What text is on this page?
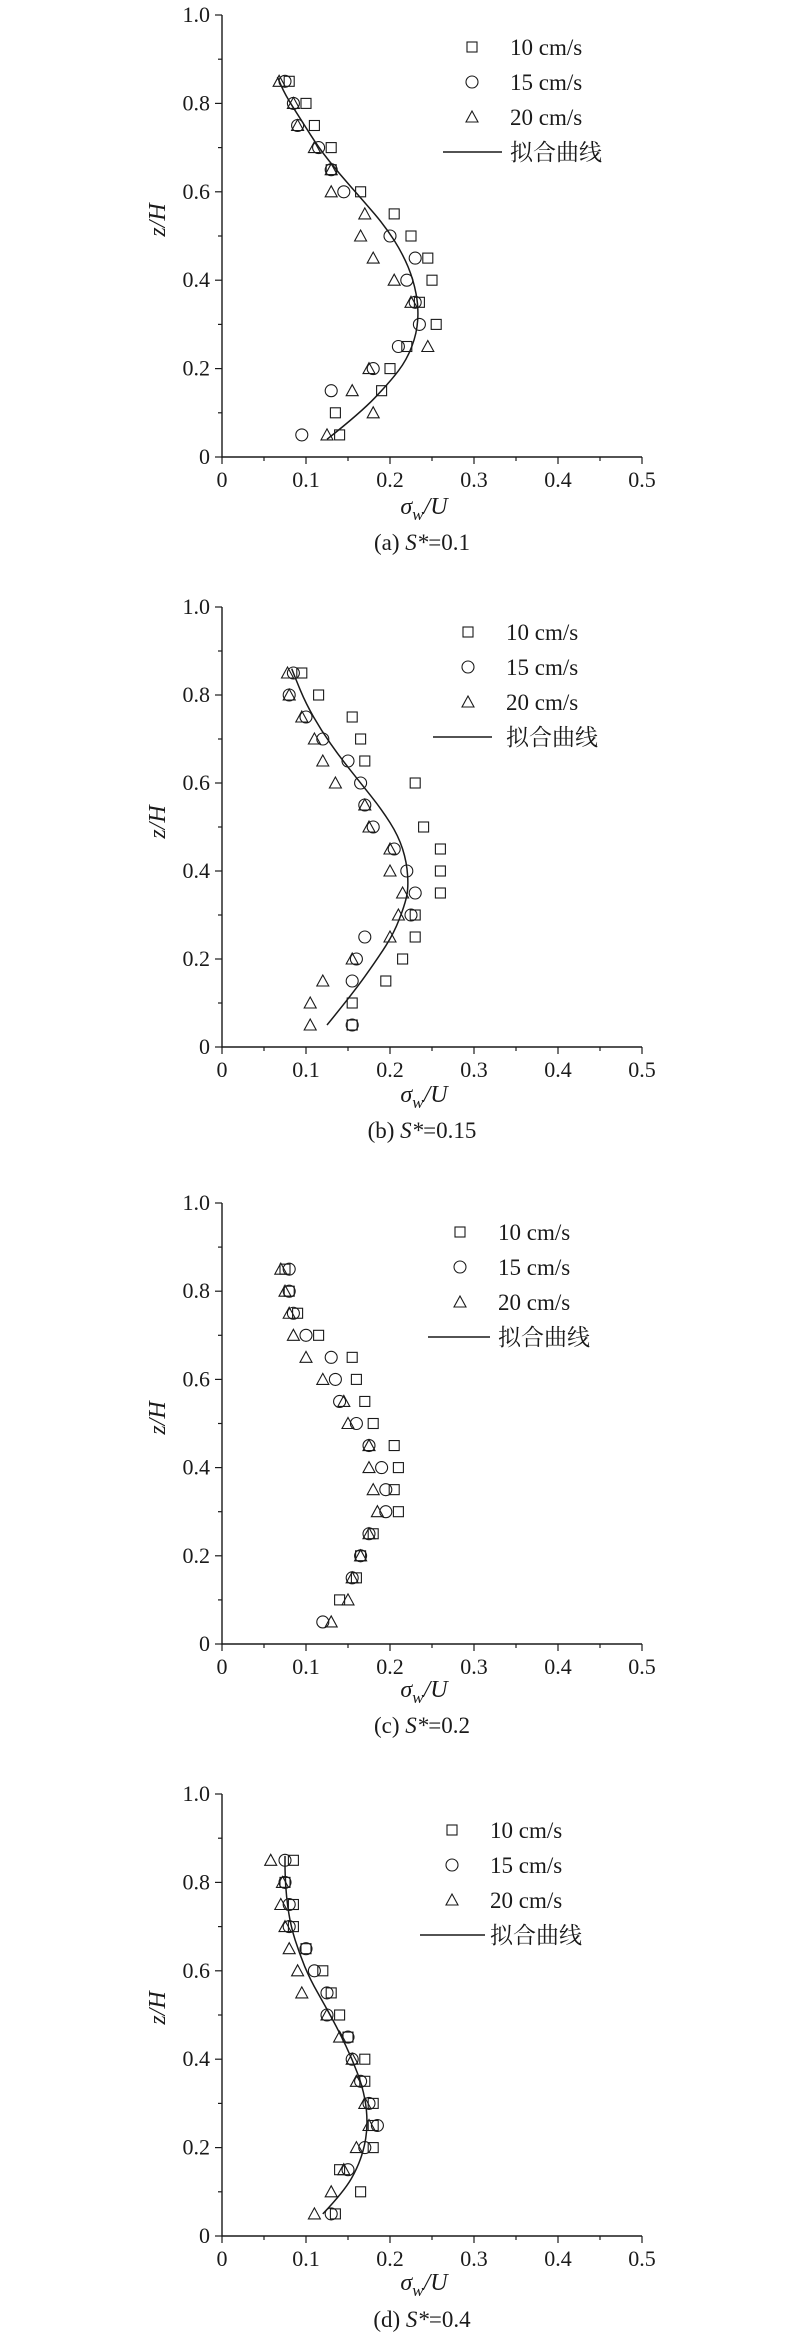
0	0.1	0.2	0.3	0.4	0.5
0
0.2
0.4
0.6
0.8
1.0
z/H
$\sigma_w/U$
(a) S*=0.1
10 cm/s
15 cm/s
20 cm/s
拟合曲线
0	0.1	0.2	0.3	0.4	0.5
0
0.2
0.4
0.6
0.8
1.0
z/H
$\sigma_w/U$
(b) S*=0.15
10 cm/s
15 cm/s
20 cm/s
拟合曲线
0	0.1	0.2	0.3	0.4	0.5
0
0.2
0.4
0.6
0.8
1.0
z/H
$\sigma_w/U$
(c) S*=0.2
10 cm/s
15 cm/s
20 cm/s
拟合曲线
0	0.1	0.2	0.3	0.4	0.5
0
0.2
0.4
0.6
0.8
1.0
z/H
$\sigma_w/U$
(d) S*=0.4
10 cm/s
15 cm/s
20 cm/s
拟合曲线
